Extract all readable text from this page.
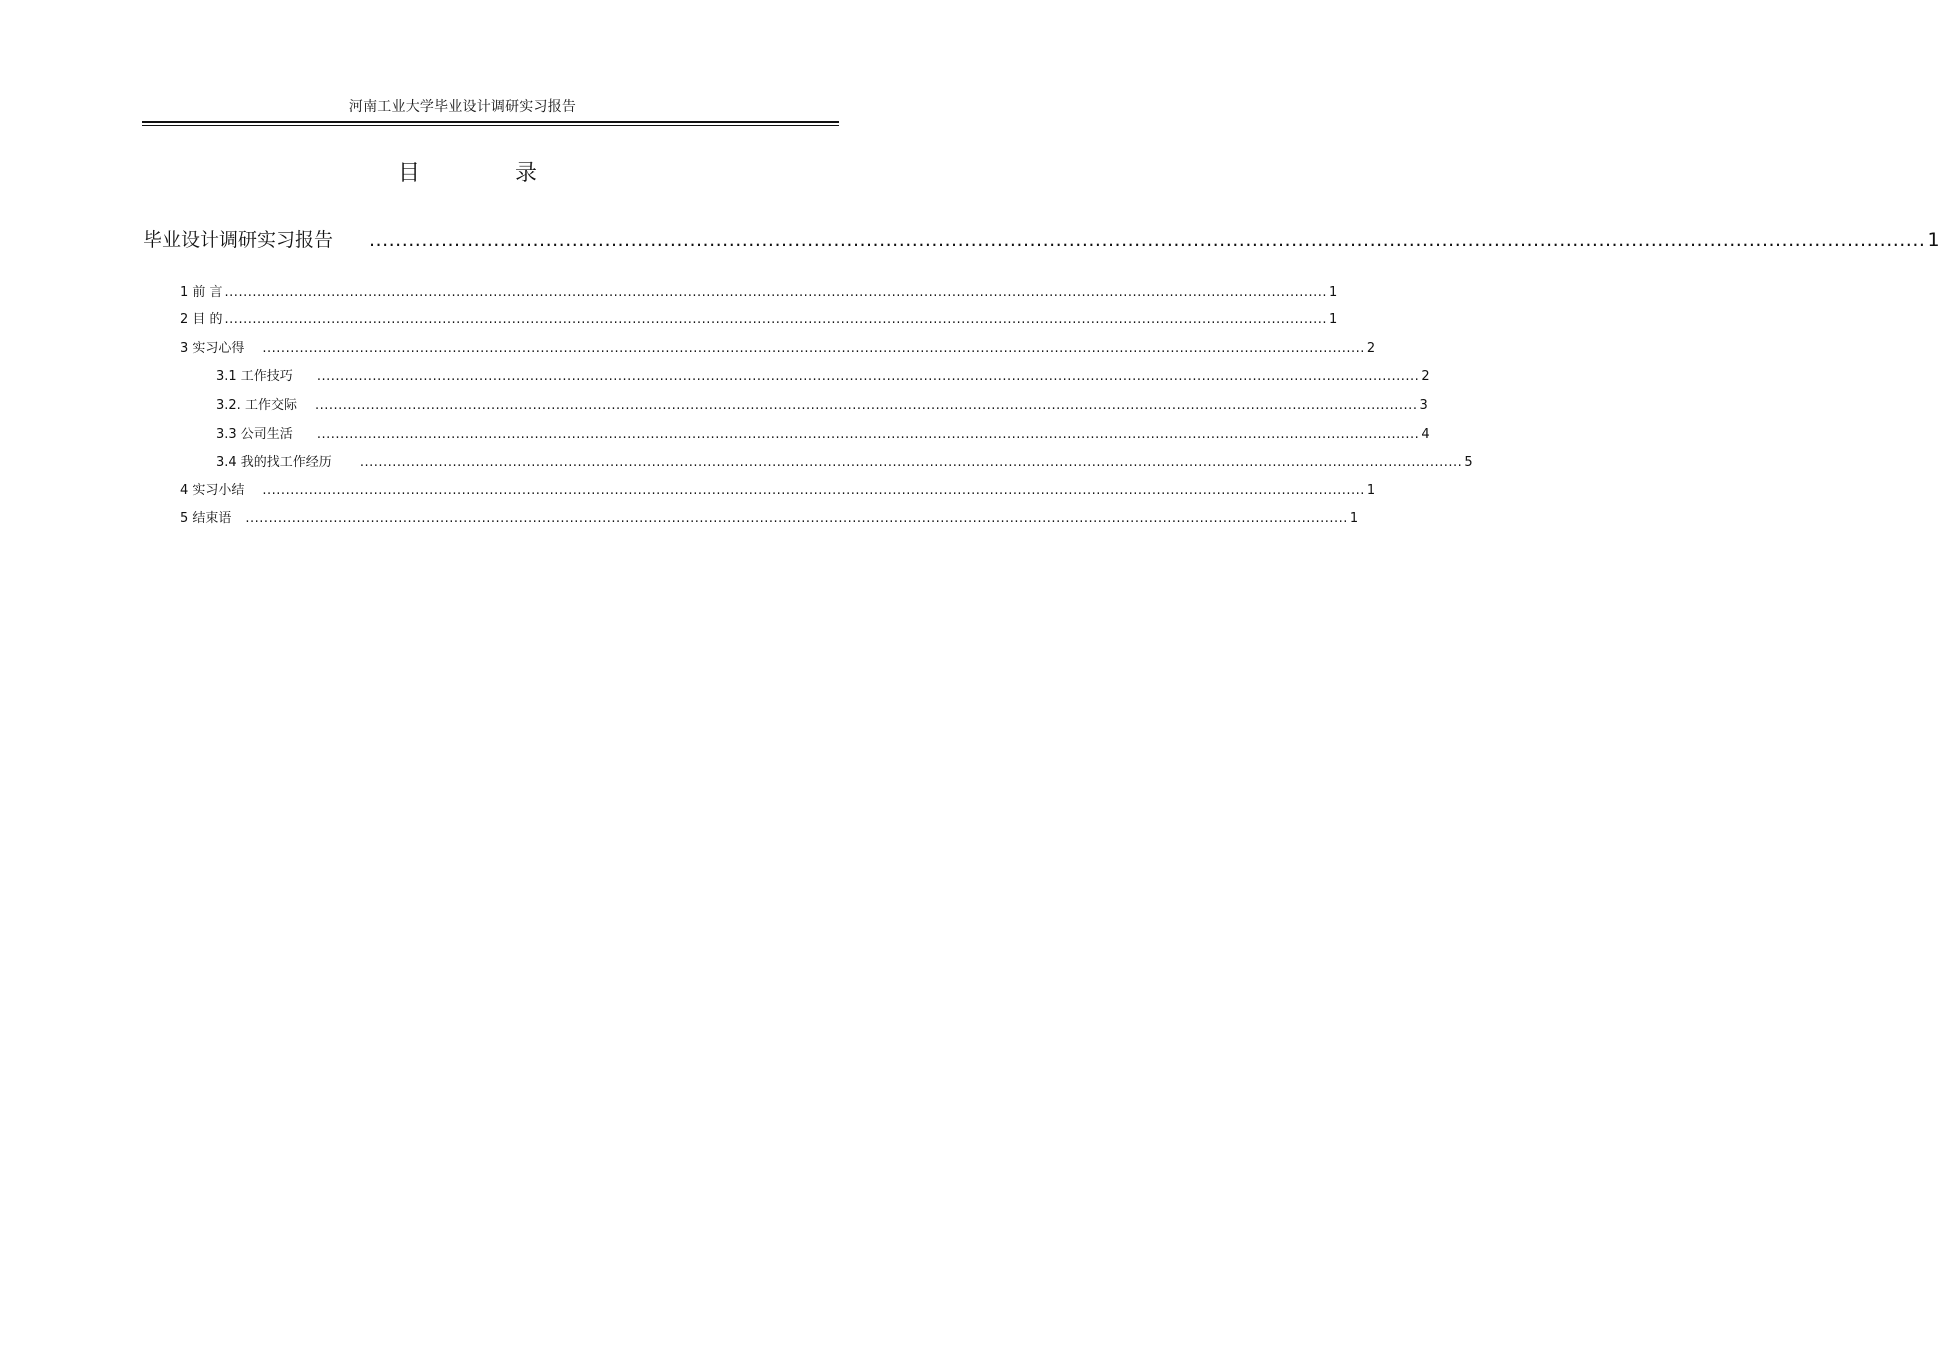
河南工业大学毕业设计调研实习报告
目 录
毕业设计调研实习报告 .............................................................................................................................................................................................................................................. 1
1 前 言 .............................................................................................................................................................................................................................................. 1
2 目 的 .............................................................................................................................................................................................................................................. 1
3 实习心得 .............................................................................................................................................................................................................................................. 2
3.1 工作技巧 .............................................................................................................................................................................................................................................. 2
3.2. 工作交际 .............................................................................................................................................................................................................................................. 3
3.3 公司生活 .............................................................................................................................................................................................................................................. 4
3.4 我的找工作经历 .............................................................................................................................................................................................................................................. 5
4 实习小结 .............................................................................................................................................................................................................................................. 1
5 结束语 .............................................................................................................................................................................................................................................. 1
